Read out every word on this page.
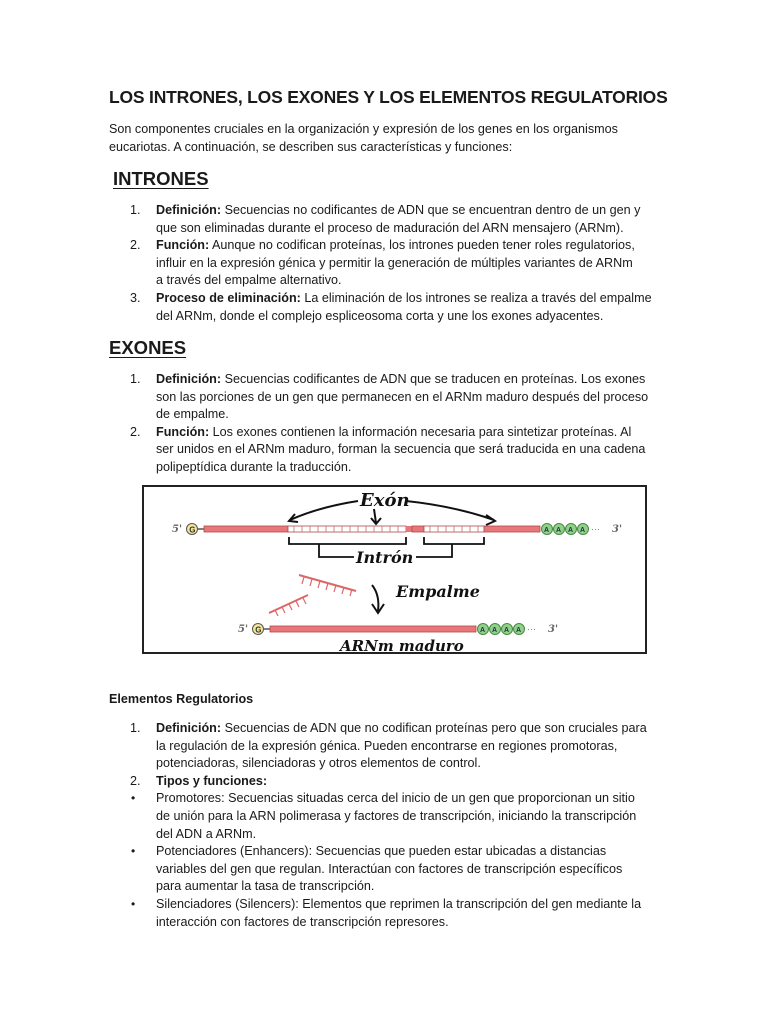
LOS INTRONES, LOS EXONES Y LOS ELEMENTOS REGULATORIOS
Son componentes cruciales en la organización y expresión de los genes en los organismos
eucariotas. A continuación, se describen sus características y funciones:
INTRONES
1. Definición: Secuencias no codificantes de ADN que se encuentran dentro de un gen y
que son eliminadas durante el proceso de maduración del ARN mensajero (ARNm).
2. Función: Aunque no codifican proteínas, los intrones pueden tener roles regulatorios,
influir en la expresión génica y permitir la generación de múltiples variantes de ARNm
a través del empalme alternativo.
3. Proceso de eliminación: La eliminación de los intrones se realiza a través del empalme
del ARNm, donde el complejo espliceosoma corta y une los exones adyacentes.
EXONES
1. Definición: Secuencias codificantes de ADN que se traducen en proteínas. Los exones
son las porciones de un gen que permanecen en el ARNm maduro después del proceso
de empalme.
2. Función: Los exones contienen la información necesaria para sintetizar proteínas. Al
ser unidos en el ARNm maduro, forman la secuencia que será traducida en una cadena
polipeptídica durante la traducción.
Exón
5' G	A A A A ··· 3'
Intrón
Empalme
5' G	A A A A ··· 3'
ARNm maduro
Elementos Regulatorios
1. Definición: Secuencias de ADN que no codifican proteínas pero que son cruciales para
la regulación de la expresión génica. Pueden encontrarse en regiones promotoras,
potenciadoras, silenciadoras y otros elementos de control.
2. Tipos y funciones:
• Promotores: Secuencias situadas cerca del inicio de un gen que proporcionan un sitio
de unión para la ARN polimerasa y factores de transcripción, iniciando la transcripción
del ADN a ARNm.
• Potenciadores (Enhancers): Secuencias que pueden estar ubicadas a distancias
variables del gen que regulan. Interactúan con factores de transcripción específicos
para aumentar la tasa de transcripción.
• Silenciadores (Silencers): Elementos que reprimen la transcripción del gen mediante la
interacción con factores de transcripción represores.
